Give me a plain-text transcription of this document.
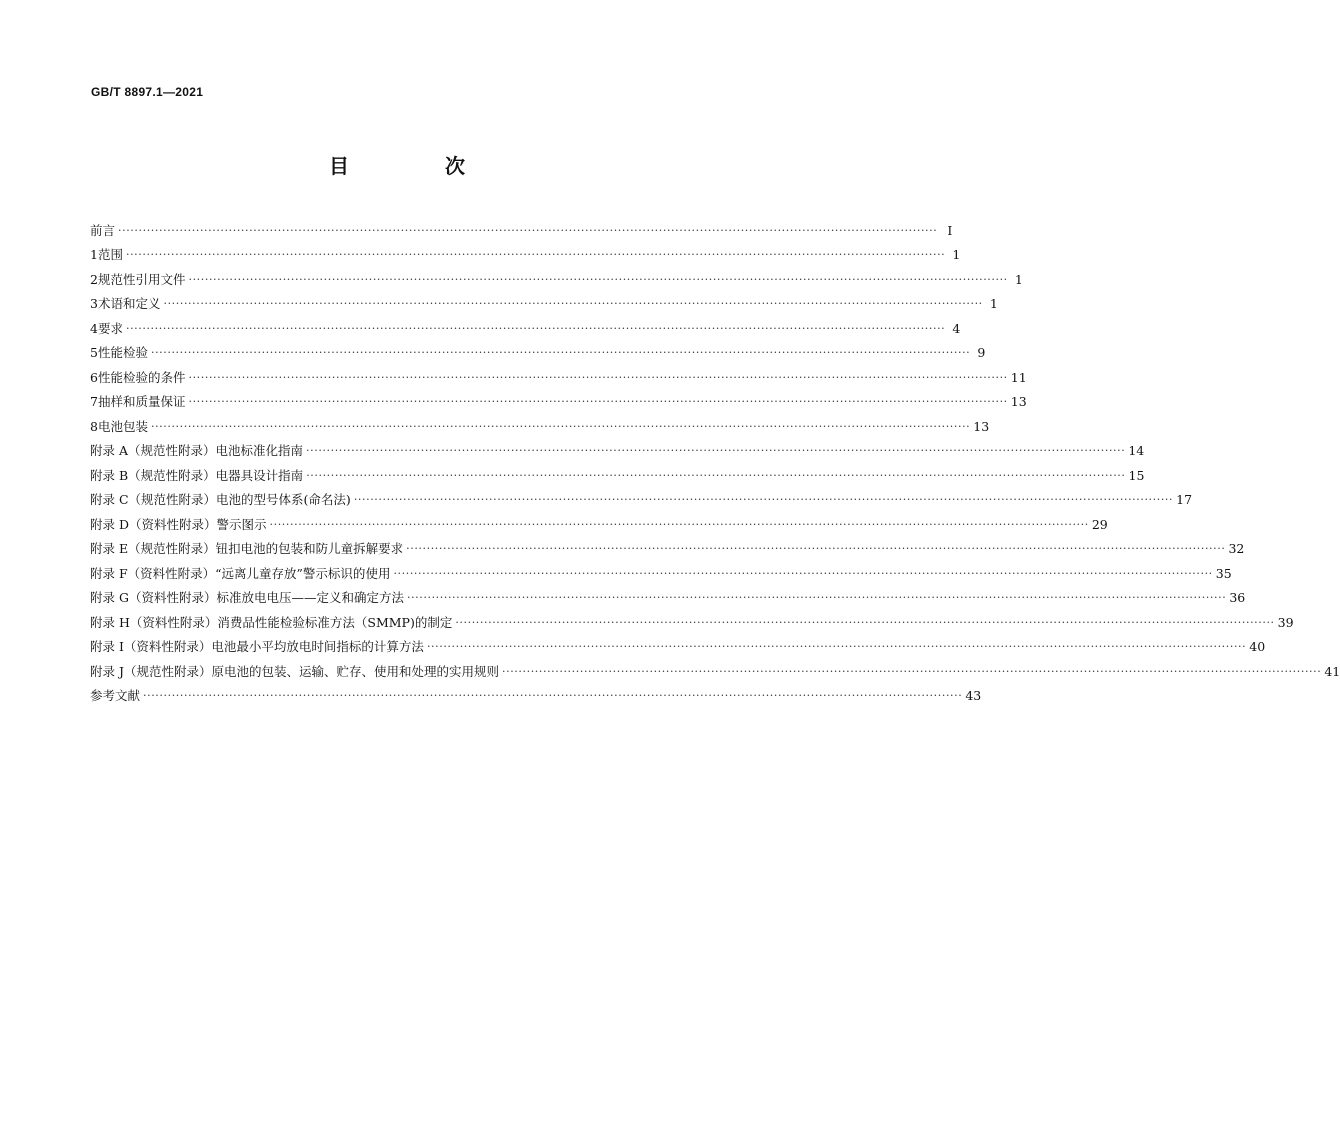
GB/T 8897.1—2021
目　次
前言 ········································································································································································································ Ⅰ
1 范围 ········································································································································································································ 1
2 规范性引用文件 ········································································································································································································ 1
3 术语和定义 ········································································································································································································ 1
4 要求 ········································································································································································································ 4
5 性能检验 ········································································································································································································ 9
6 性能检验的条件 ········································································································································································································ 11
7 抽样和质量保证 ········································································································································································································ 13
8 电池包装 ········································································································································································································ 13
附录 A（规范性附录） 电池标准化指南 ········································································································································································································ 14
附录 B（规范性附录） 电器具设计指南 ········································································································································································································ 15
附录 C（规范性附录） 电池的型号体系(命名法) ········································································································································································································ 17
附录 D（资料性附录） 警示图示 ········································································································································································································ 29
附录 E（规范性附录） 钮扣电池的包装和防儿童拆解要求 ········································································································································································································ 32
附录 F（资料性附录） “远离儿童存放”警示标识的使用 ········································································································································································································ 35
附录 G（资料性附录） 标准放电电压——定义和确定方法 ········································································································································································································ 36
附录 H（资料性附录） 消费品性能检验标准方法（SMMP)的制定 ········································································································································································································ 39
附录 I（资料性附录） 电池最小平均放电时间指标的计算方法 ········································································································································································································ 40
附录 J（规范性附录） 原电池的包装、运输、贮存、使用和处理的实用规则 ········································································································································································································ 41
参考文献 ········································································································································································································ 43
